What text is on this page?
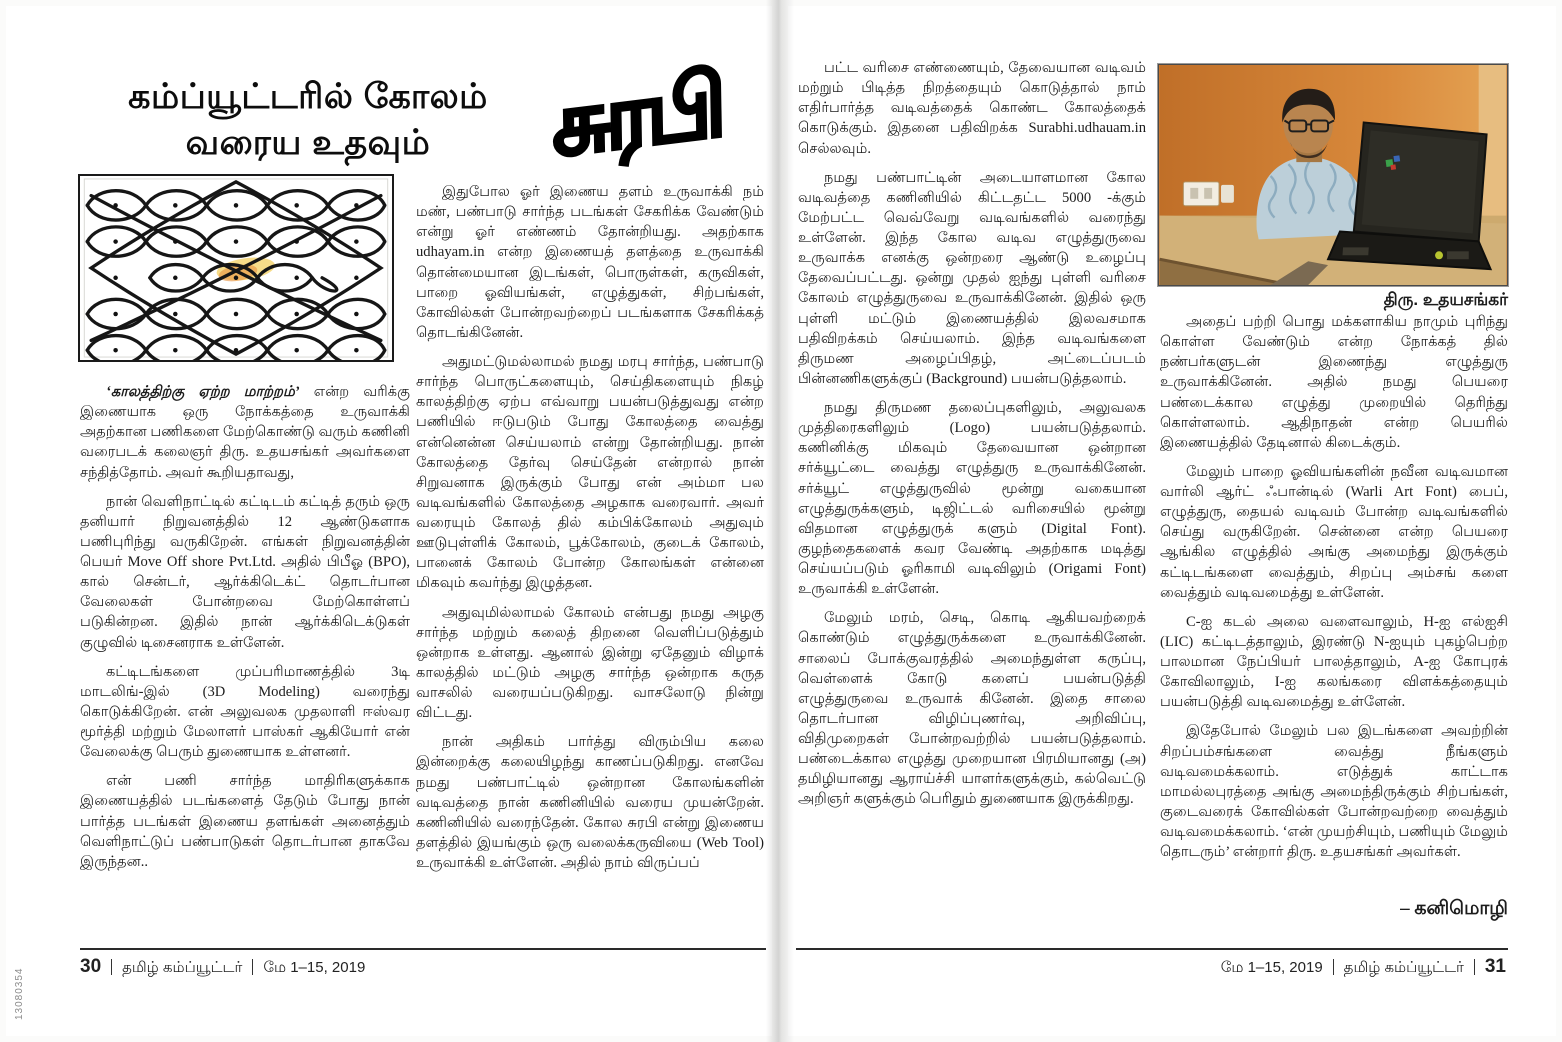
கம்ப்யூட்டரில் கோலம்
வரைய உதவும்	சுரபி

‘காலத்திற்கு ஏற்ற மாற்றம்’ என்ற வரிக்கு இணையாக ஒரு நோக்கத்தை உருவாக்கி அதற்கான பணிகளை மேற்கொண்டு வரும் கணினி வரைபடக் கலைஞர் திரு. உதயசங்கர் அவர்களை சந்தித்தோம். அவர் கூறியதாவது,

நான் வெளிநாட்டில் கட்டிடம் கட்டித் தரும் ஒரு தனியார் நிறுவனத்தில் 12 ஆண்டுகளாக பணிபுரிந்து வருகிறேன். எங்கள் நிறுவனத்தின் பெயர் Move Off shore Pvt.Ltd. அதில் பிபீஓ (BPO), கால் சென்டர், ஆர்க்கிடெக்ட் தொடர்பான வேலைகள் போன்றவை மேற்கொள்ளப் படுகின்றன. இதில் நான் ஆர்க்கிடெக்டுகள் குழுவில் டிசைனராக உள்ளேன்.

கட்டிடங்களை முப்பரிமாணத்தில் 3டி மாடலிங்-இல் (3D Modeling) வரைந்து கொடுக்கிறேன். என் அலுவலக முதலாளி ஈஸ்வர மூர்த்தி மற்றும் மேலாளர் பாஸ்கர் ஆகியோர் என் வேலைக்கு பெரும் துணையாக உள்ளனர்.

என் பணி சார்ந்த மாதிரிகளுக்காக இணையத்தில் படங்களைத் தேடும் போது நான் பார்த்த படங்கள் இணைய தளங்கள் அனைத்தும் வெளிநாட்டுப் பண்பாடுகள் தொடர்பான தாகவே இருந்தன..

இதுபோல ஓர் இணைய தளம் உருவாக்கி நம் மண், பண்பாடு சார்ந்த படங்கள் சேகரிக்க வேண்டும் என்று ஓர் எண்ணம் தோன்றியது. அதற்காக udhayam.in என்ற இணையத் தளத்தை உருவாக்கி தொன்மையான இடங்கள், பொருள்கள், கருவிகள், பாறை ஓவியங்கள், எழுத்துகள், சிற்பங்கள், கோவில்கள் போன்றவற்றைப் படங்களாக சேகரிக்கத் தொடங்கினேன்.

அதுமட்டுமல்லாமல் நமது மரபு சார்ந்த, பண்பாடு சார்ந்த பொருட்களையும், செய்திகளையும் நிகழ் காலத்திற்கு ஏற்ப எவ்வாறு பயன்படுத்துவது என்ற பணியில் ஈடுபடும் போது கோலத்தை வைத்து என்னென்ன செய்யலாம் என்று தோன்றியது. நான் கோலத்தை தேர்வு செய்தேன் என்றால் நான் சிறுவனாக இருக்கும் போது என் அம்மா பல வடிவங்களில் கோலத்தை அழகாக வரைவார். அவர் வரையும் கோலத் தில் கம்பிக்கோலம் அதுவும் ஊடுபுள்ளிக் கோலம், பூக்கோலம், குடைக் கோலம், பானைக் கோலம் போன்ற கோலங்கள் என்னை மிகவும் கவர்ந்து இழுத்தன.

அதுவுமில்லாமல் கோலம் என்பது நமது அழகு சார்ந்த மற்றும் கலைத் திறனை வெளிப்படுத்தும் ஒன்றாக உள்ளது. ஆனால் இன்று ஏதேனும் விழாக் காலத்தில் மட்டும் அழகு சார்ந்த ஒன்றாக கருத வாசலில் வரையப்படுகிறது. வாசலோடு நின்று விட்டது.

நான் அதிகம் பார்த்து விரும்பிய கலை இன்றைக்கு கலையிழந்து காணப்படுகிறது. எனவே நமது பண்பாட்டில் ஒன்றான கோலங்களின் வடிவத்தை நான் கணினியில் வரைய முயன்றேன். கணினியில் வரைந்தேன். கோல சுரபி என்று இணைய தளத்தில் இயங்கும் ஒரு வலைக்கருவியை (Web Tool) உருவாக்கி உள்ளேன். அதில் நாம் விருப்பப்

30 தமிழ் கம்ப்யூட்டர் மே 1–15, 2019
13080354

பட்ட வரிசை எண்ணையும், தேவையான வடிவம் மற்றும் பிடித்த நிறத்தையும் கொடுத்தால் நாம் எதிர்பார்த்த வடிவத்தைக் கொண்ட கோலத்தைக் கொடுக்கும். இதனை பதிவிறக்க Surabhi.udhauam.in செல்லவும்.

நமது பண்பாட்டின் அடையாளமான கோல வடிவத்தை கணினியில் கிட்டதட்ட 5000 -க்கும் மேற்பட்ட வெவ்வேறு வடிவங்களில் வரைந்து உள்ளேன். இந்த கோல வடிவ எழுத்துருவை உருவாக்க எனக்கு ஒன்றரை ஆண்டு உழைப்பு தேவைப்பட்டது. ஒன்று முதல் ஐந்து புள்ளி வரிசை கோலம் எழுத்துருவை உருவாக்கினேன். இதில் ஒரு புள்ளி மட்டும் இணையத்தில் இலவசமாக பதிவிறக்கம் செய்யலாம். இந்த வடிவங்களை திருமண அழைப்பிதழ், அட்டைப்படம் பின்னணிகளுக்குப் (Background) பயன்படுத்தலாம்.

நமது திருமண தலைப்புகளிலும், அலுவலக முத்திரைகளிலும் (Logo) பயன்படுத்தலாம். கணினிக்கு மிகவும் தேவையான ஒன்றான சர்க்யூட்டை வைத்து எழுத்துரு உருவாக்கினேன். சர்க்யூட் எழுத்துருவில் மூன்று வகையான எழுத்துருக்களும், டிஜிட்டல் வரிசையில் மூன்று விதமான எழுத்துருக் களும் (Digital Font). குழந்தைகளைக் கவர வேண்டி அதற்காக மடித்து செய்யப்படும் ஓரிகாமி வடிவிலும் (Origami Font) உருவாக்கி உள்ளேன்.

மேலும் மரம், செடி, கொடி ஆகியவற்றைக் கொண்டும் எழுத்துருக்களை உருவாக்கினேன். சாலைப் போக்குவரத்தில் அமைந்துள்ள கருப்பு, வெள்ளைக் கோடு களைப் பயன்படுத்தி எழுத்துருவை உருவாக் கினேன். இதை சாலை தொடர்பான விழிப்புணர்வு, அறிவிப்பு, விதிமுறைகள் போன்றவற்றில் பயன்படுத்தலாம். பண்டைக்கால எழுத்து முறையான பிரமியானது (அ) தமிழியானது ஆராய்ச்சி யாளர்களுக்கும், கல்வெட்டு அறிஞர் களுக்கும் பெரிதும் துணையாக இருக்கிறது.

திரு. உதயசங்கர்

அதைப் பற்றி பொது மக்களாகிய நாமும் புரிந்து கொள்ள வேண்டும் என்ற நோக்கத் தில் நண்பர்களுடன் இணைந்து எழுத்துரு உருவாக்கினேன். அதில் நமது பெயரை பண்டைக்கால எழுத்து முறையில் தெரிந்து கொள்ளலாம். ஆதிநாதன் என்ற பெயரில் இணையத்தில் தேடினால் கிடைக்கும்.

மேலும் பாறை ஓவியங்களின் நவீன வடிவமான வார்லி ஆர்ட் ஃபான்டில் (Warli Art Font) பைப், எழுத்துரு, தையல் வடிவம் போன்ற வடிவங்களில் செய்து வருகிறேன். சென்னை என்ற பெயரை ஆங்கில எழுத்தில் அங்கு அமைந்து இருக்கும் கட்டிடங்களை வைத்தும், சிறப்பு அம்சங் களை வைத்தும் வடிவமைத்து உள்ளேன்.

C-ஐ கடல் அலை வளைவாலும், H-ஐ எல்ஐசி (LIC) கட்டிடத்தாலும், இரண்டு N-ஐயும் புகழ்பெற்ற பாலமான நேப்பியர் பாலத்தாலும், A-ஐ கோபுரக் கோவிலாலும், I-ஐ கலங்கரை விளக்கத்தையும் பயன்படுத்தி வடிவமைத்து உள்ளேன்.

இதேபோல் மேலும் பல இடங்களை அவற்றின் சிறப்பம்சங்களை வைத்து நீங்களும் வடிவமைக்கலாம். எடுத்துக் காட்டாக மாமல்லபுரத்தை அங்கு அமைந்திருக்கும் சிற்பங்கள், குடைவரைக் கோவில்கள் போன்றவற்றை வைத்தும் வடிவமைக்கலாம். ‘என் முயற்சியும், பணியும் மேலும் தொடரும்’ என்றார் திரு. உதயசங்கர் அவர்கள்.

– கனிமொழி
மே 1–15, 2019 தமிழ் கம்ப்யூட்டர் 31
